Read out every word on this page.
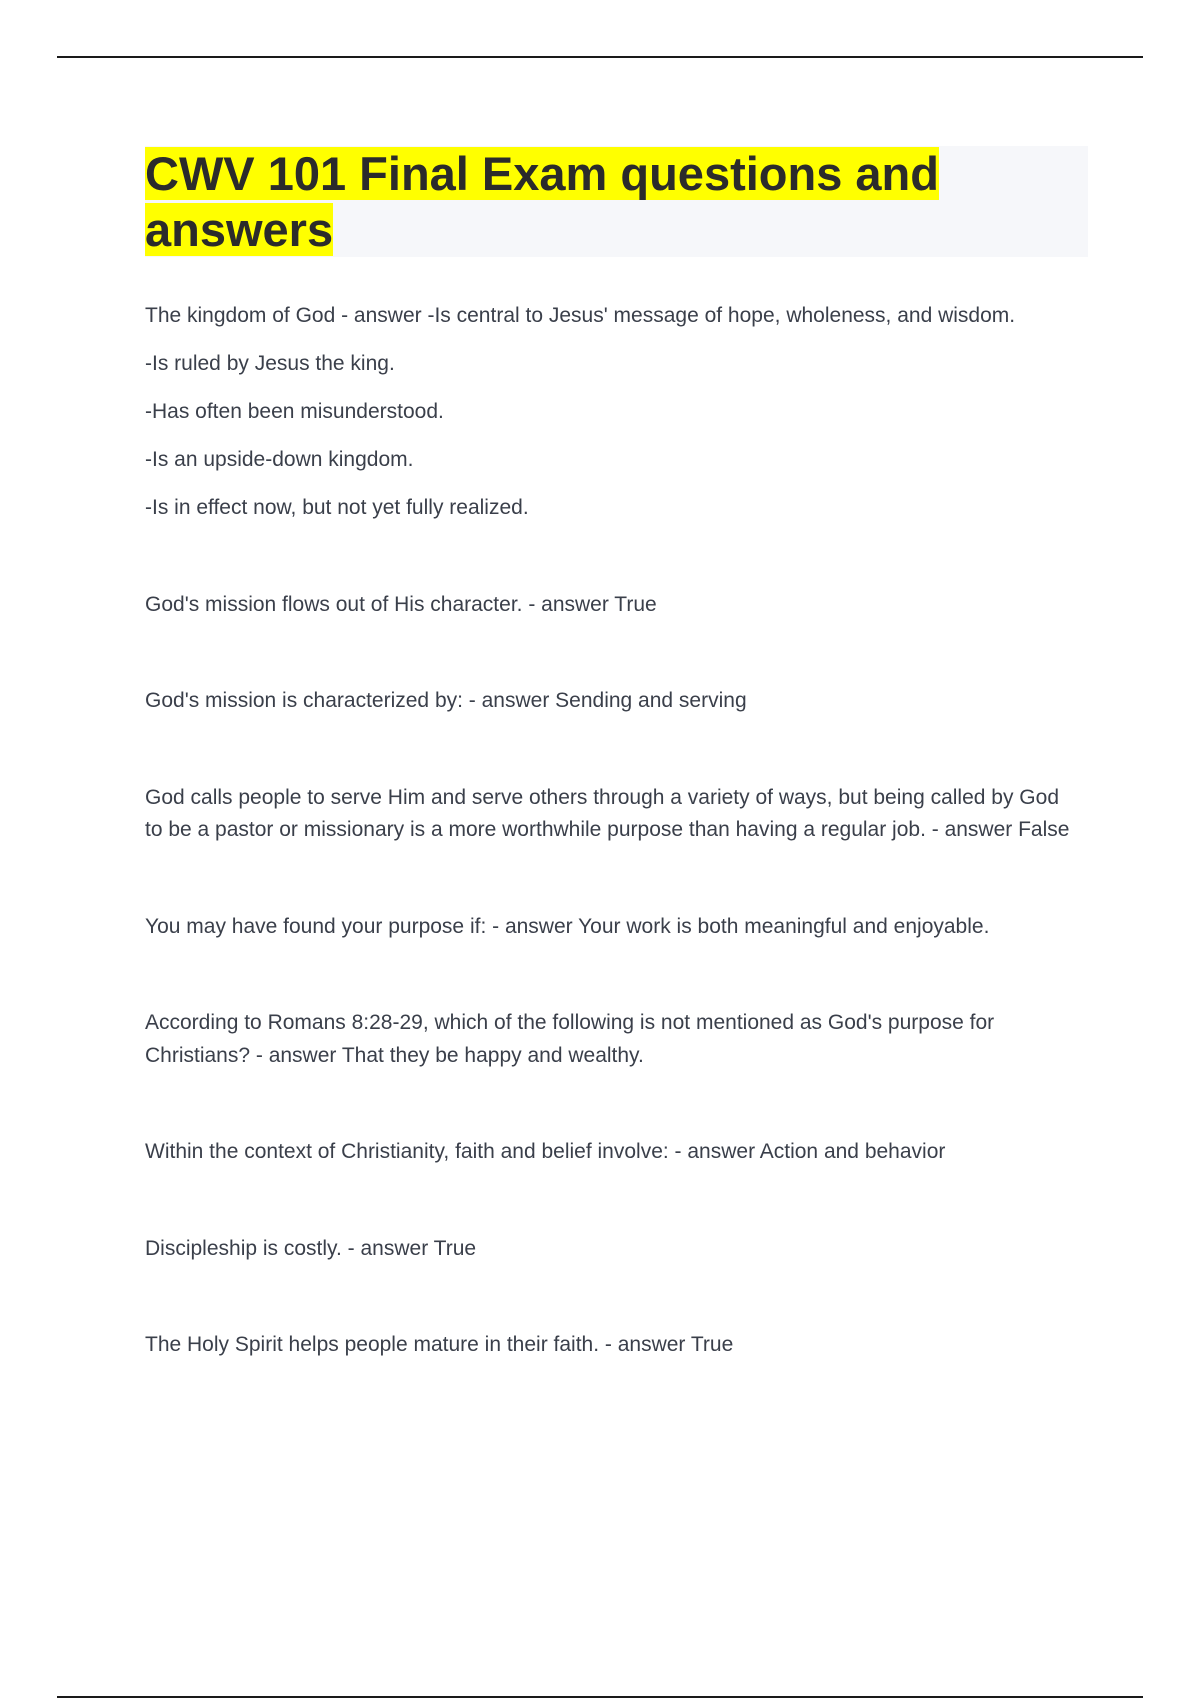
CWV 101 Final Exam questions and answers

The kingdom of God - answer -Is central to Jesus' message of hope, wholeness, and wisdom.

-Is ruled by Jesus the king.

-Has often been misunderstood.

-Is an upside-down kingdom.

-Is in effect now, but not yet fully realized.

God's mission flows out of His character. - answer True

God's mission is characterized by: - answer Sending and serving

God calls people to serve Him and serve others through a variety of ways, but being called by God to be a pastor or missionary is a more worthwhile purpose than having a regular job. - answer False

You may have found your purpose if: - answer Your work is both meaningful and enjoyable.

According to Romans 8:28-29, which of the following is not mentioned as God's purpose for Christians? - answer That they be happy and wealthy.

Within the context of Christianity, faith and belief involve: - answer Action and behavior

Discipleship is costly. - answer True

The Holy Spirit helps people mature in their faith. - answer True
